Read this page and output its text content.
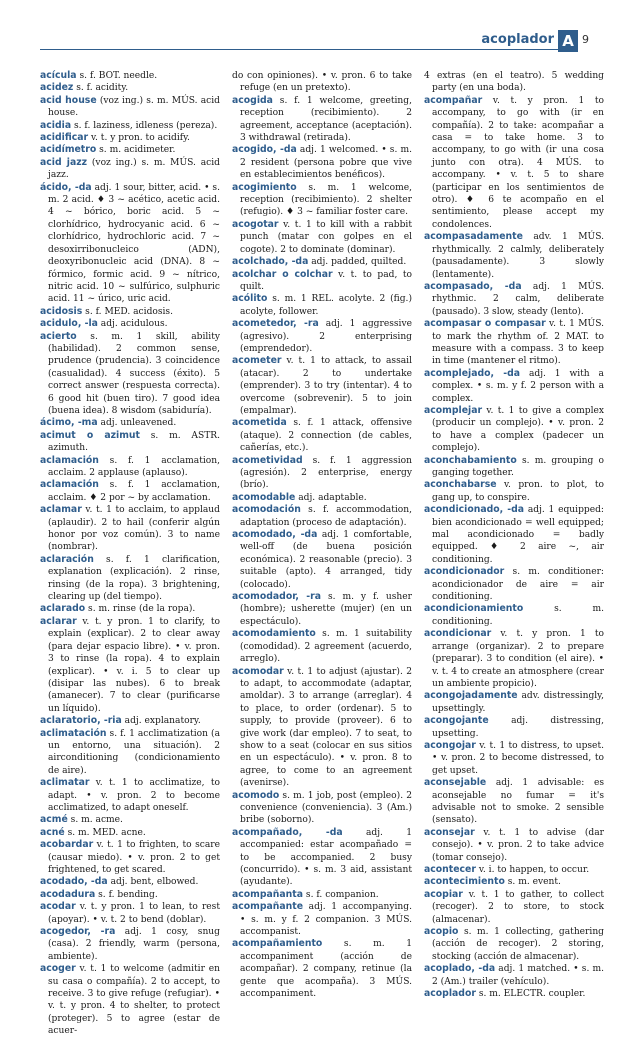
acoplador A 9

acícula s. f. BOT. needle.

acidez s. f. acidity.

acid house (voz ing.) s. m. MÚS. acid house.

acidia s. f. laziness, idleness (pereza).

acidificar v. t. y pron. to acidify.

acidímetro s. m. acidimeter.

acid jazz (voz ing.) s. m. MÚS. acid jazz.

ácido, -da adj. 1 sour, bitter, acid. • s. m. 2 acid. ♦ 3 ~ acético, acetic acid. 4 ~ bórico, boric acid. 5 ~ clorhídrico, hydrocyanic acid. 6 ~ clorhídrico, hydrochloric acid. 7 ~ desoxirribonucleico (ADN), deoxyribonucleic acid (DNA). 8 ~ fórmico, formic acid. 9 ~ nítrico, nitric acid. 10 ~ sulfúrico, sulphuric acid. 11 ~ úrico, uric acid.

acidosis s. f. MED. acidosis.

acidulo, -la adj. acidulous.

acierto s. m. 1 skill, ability (habilidad). 2 common sense, prudence (prudencia). 3 coincidence (casualidad). 4 success (éxito). 5 correct answer (respuesta correcta). 6 good hit (buen tiro). 7 good idea (buena idea). 8 wisdom (sabiduría).

ácimo, -ma adj. unleavened.

acimut o azimut s. m. ASTR. azimuth.

aclamación s. f. 1 acclamation, acclaim. 2 applause (aplauso).

aclamación s. f. 1 acclamation, acclaim. ♦ 2 por ~ by acclamation.

aclamar v. t. 1 to acclaim, to applaud (aplaudir). 2 to hail (conferir algún honor por voz común). 3 to name (nombrar).

aclaración s. f. 1 clarification, explanation (explicación). 2 rinse, rinsing (de la ropa). 3 brightening, clearing up (del tiempo).

aclarado s. m. rinse (de la ropa).

aclarar v. t. y pron. 1 to clarify, to explain (explicar). 2 to clear away (para dejar espacio libre). • v. pron. 3 to rinse (la ropa). 4 to explain (explicar). • v. i. 5 to clear up (disipar las nubes). 6 to break (amanecer). 7 to clear (purificarse un líquido).

aclaratorio, -ria adj. explanatory.

aclimatación s. f. 1 acclimatization (a un entorno, una situación). 2 airconditioning (condicionamiento de aire).

aclimatar v. t. 1 to acclimatize, to adapt. • v. pron. 2 to become acclimatized, to adapt oneself.

acmé s. m. acme.

acné s. m. MED. acne.

acobardar v. t. 1 to frighten, to scare (causar miedo). • v. pron. 2 to get frightened, to get scared.

acodado, -da adj. bent, elbowed.

acodadura s. f. bending.

acodar v. t. y pron. 1 to lean, to rest (apoyar). • v. t. 2 to bend (doblar).

acogedor, -ra adj. 1 cosy, snug (casa). 2 friendly, warm (persona, ambiente).

acoger v. t. 1 to welcome (admitir en su casa o compañía). 2 to accept, to receive. 3 to give refuge (refugiar). • v. t. y pron. 4 to shelter, to protect (proteger). 5 to agree (estar de acuer-

do con opiniones). • v. pron. 6 to take refuge (en un pretexto).

acogida s. f. 1 welcome, greeting, reception (recibimiento). 2 agreement, acceptance (aceptación). 3 withdrawal (retirada).

acogido, -da adj. 1 welcomed. • s. m. 2 resident (persona pobre que vive en establecimientos benéficos).

acogimiento s. m. 1 welcome, reception (recibimiento). 2 shelter (refugio). ♦ 3 ~ familiar foster care.

acogotar v. t. 1 to kill with a rabbit punch (matar con golpes en el cogote). 2 to dominate (dominar).

acolchado, -da adj. padded, quilted.

acolchar o colchar v. t. to pad, to quilt.

acólito s. m. 1 REL. acolyte. 2 (fig.) acolyte, follower.

acometedor, -ra adj. 1 aggressive (agresivo). 2 enterprising (emprendedor).

acometer v. t. 1 to attack, to assail (atacar). 2 to undertake (emprender). 3 to try (intentar). 4 to overcome (sobrevenir). 5 to join (empalmar).

acometida s. f. 1 attack, offensive (ataque). 2 connection (de cables, cañerías, etc.).

acometividad s. f. 1 aggression (agresión). 2 enterprise, energy (brío).

acomodable adj. adaptable.

acomodación s. f. accommodation, adaptation (proceso de adaptación).

acomodado, -da adj. 1 comfortable, well-off (de buena posición económica). 2 reasonable (precio). 3 suitable (apto). 4 arranged, tidy (colocado).

acomodador, -ra s. m. y f. usher (hombre); usherette (mujer) (en un espectáculo).

acomodamiento s. m. 1 suitability (comodidad). 2 agreement (acuerdo, arreglo).

acomodar v. t. 1 to adjust (ajustar). 2 to adapt, to accommodate (adaptar, amoldar). 3 to arrange (arreglar). 4 to place, to order (ordenar). 5 to supply, to provide (proveer). 6 to give work (dar empleo). 7 to seat, to show to a seat (colocar en sus sitios en un espectáculo). • v. pron. 8 to agree, to come to an agreement (avenirse).

acomodo s. m. 1 job, post (empleo). 2 convenience (conveniencia). 3 (Am.) bribe (soborno).

acompañado, -da adj. 1 accompanied: estar acompañado = to be accompanied. 2 busy (concurrido). • s. m. 3 aid, assistant (ayudante).

acompañanta s. f. companion.

acompañante adj. 1 accompanying. • s. m. y f. 2 companion. 3 MÚS. accompanist.

acompañamiento s. m. 1 accompaniment (acción de acompañar). 2 company, retinue (la gente que acompaña). 3 MÚS. accompaniment.

4 extras (en el teatro). 5 wedding party (en una boda).

acompañar v. t. y pron. 1 to accompany, to go with (ir en compañía). 2 to take: acompañar a casa = to take home. 3 to accompany, to go with (ir una cosa junto con otra). 4 MÚS. to accompany. • v. t. 5 to share (participar en los sentimientos de otro). ♦ 6 te acompaño en el sentimiento, please accept my condolences.

acompasadamente adv. 1 MÚS. rhythmically. 2 calmly, deliberately (pausadamente). 3 slowly (lentamente).

acompasado, -da adj. 1 MÚS. rhythmic. 2 calm, deliberate (pausado). 3 slow, steady (lento).

acompasar o compasar v. t. 1 MÚS. to mark the rhythm of. 2 MAT. to measure with a compass. 3 to keep in time (mantener el ritmo).

acomplejado, -da adj. 1 with a complex. • s. m. y f. 2 person with a complex.

acomplejar v. t. 1 to give a complex (producir un complejo). • v. pron. 2 to have a complex (padecer un complejo).

aconchabamiento s. m. grouping o ganging together.

aconchabarse v. pron. to plot, to gang up, to conspire.

acondicionado, -da adj. 1 equipped: bien acondicionado = well equipped; mal acondicionado = badly equipped. ♦ 2 aire ~, air conditioning.

acondicionador s. m. conditioner: acondicionador de aire = air conditioning.

acondicionamiento s. m. conditioning.

acondicionar v. t. y pron. 1 to arrange (organizar). 2 to prepare (preparar). 3 to condition (el aire). • v. t. 4 to create an atmosphere (crear un ambiente propicio).

acongojadamente adv. distressingly, upsettingly.

acongojante adj. distressing, upsetting.

acongojar v. t. 1 to distress, to upset. • v. pron. 2 to become distressed, to get upset.

aconsejable adj. 1 advisable: es aconsejable no fumar = it's advisable not to smoke. 2 sensible (sensato).

aconsejar v. t. 1 to advise (dar consejo). • v. pron. 2 to take advice (tomar consejo).

acontecer v. i. to happen, to occur.

acontecimiento s. m. event.

acopiar v. t. 1 to gather, to collect (recoger). 2 to store, to stock (almacenar).

acopio s. m. 1 collecting, gathering (acción de recoger). 2 storing, stocking (acción de almacenar).

acoplado, -da adj. 1 matched. • s. m. 2 (Am.) trailer (vehículo).

acoplador s. m. ELECTR. coupler.
